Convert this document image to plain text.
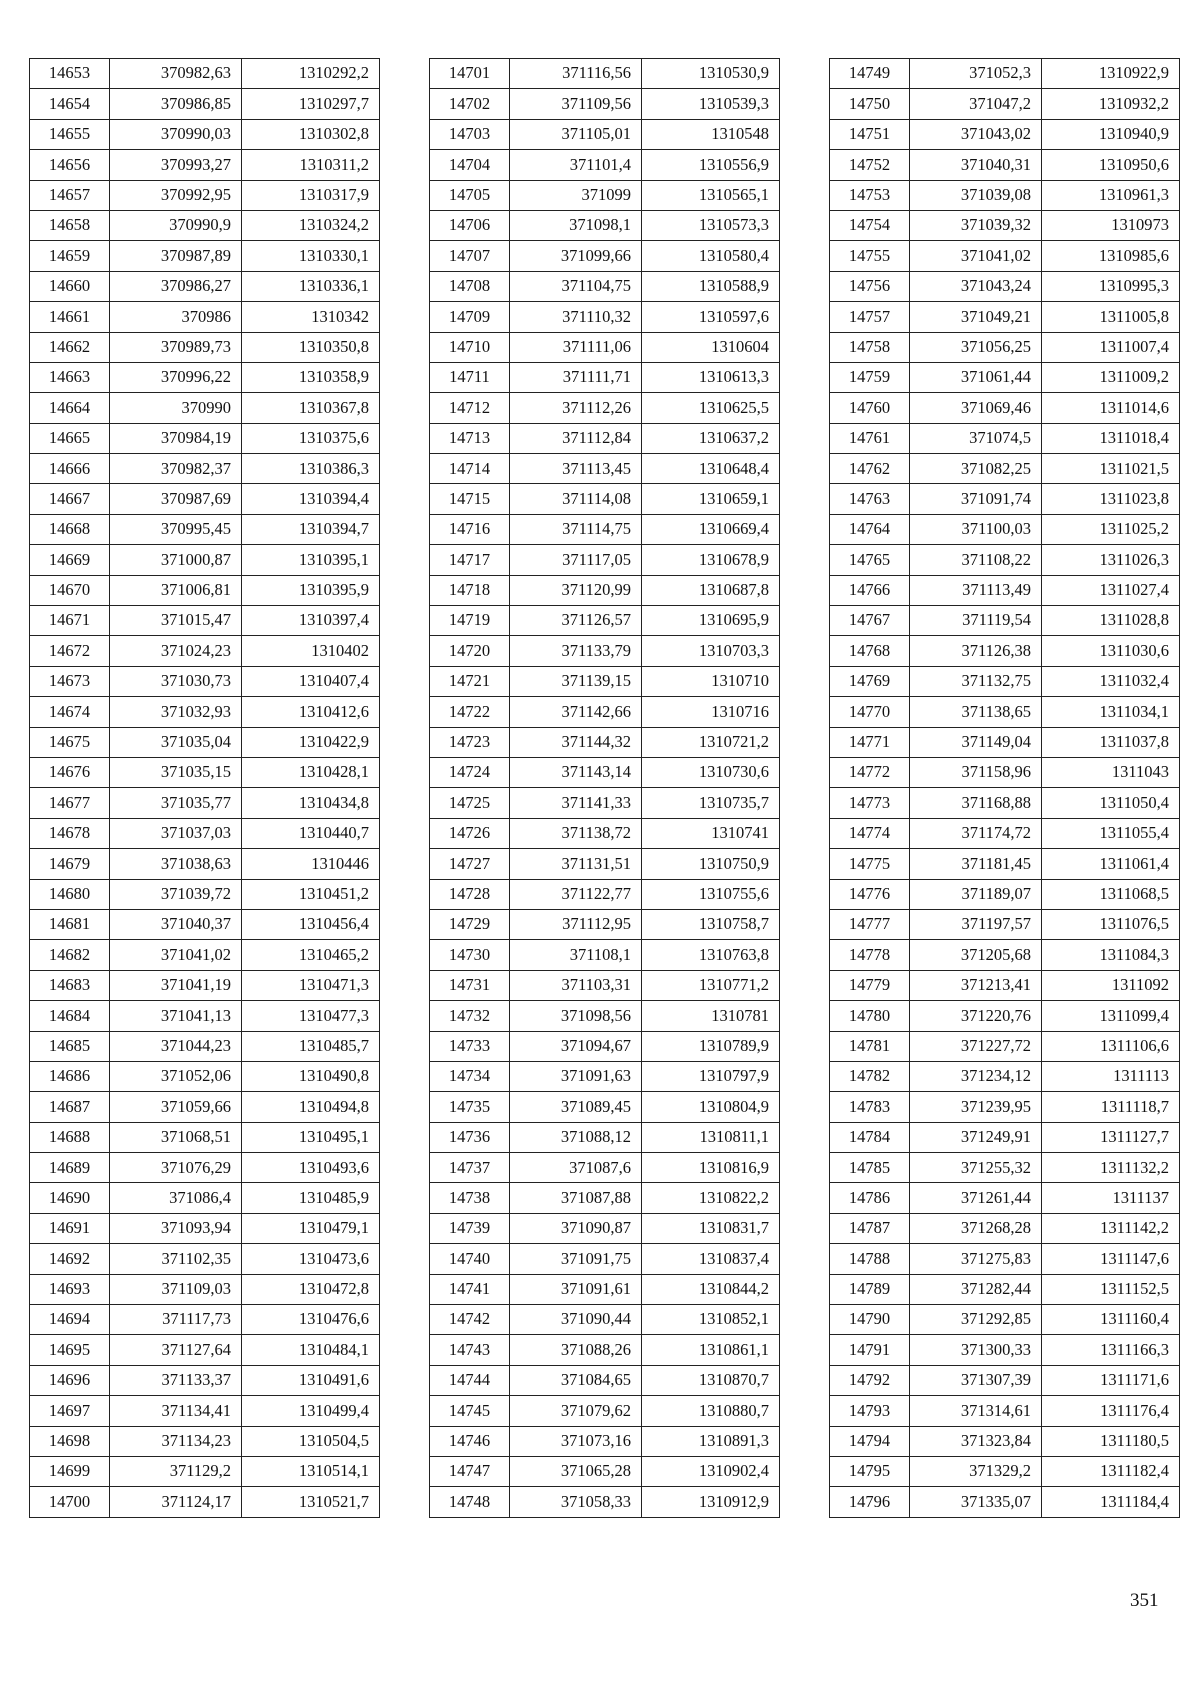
14653	370982,63	1310292,2
14654	370986,85	1310297,7
14655	370990,03	1310302,8
14656	370993,27	1310311,2
14657	370992,95	1310317,9
14658	370990,9	1310324,2
14659	370987,89	1310330,1
14660	370986,27	1310336,1
14661	370986	1310342
14662	370989,73	1310350,8
14663	370996,22	1310358,9
14664	370990	1310367,8
14665	370984,19	1310375,6
14666	370982,37	1310386,3
14667	370987,69	1310394,4
14668	370995,45	1310394,7
14669	371000,87	1310395,1
14670	371006,81	1310395,9
14671	371015,47	1310397,4
14672	371024,23	1310402
14673	371030,73	1310407,4
14674	371032,93	1310412,6
14675	371035,04	1310422,9
14676	371035,15	1310428,1
14677	371035,77	1310434,8
14678	371037,03	1310440,7
14679	371038,63	1310446
14680	371039,72	1310451,2
14681	371040,37	1310456,4
14682	371041,02	1310465,2
14683	371041,19	1310471,3
14684	371041,13	1310477,3
14685	371044,23	1310485,7
14686	371052,06	1310490,8
14687	371059,66	1310494,8
14688	371068,51	1310495,1
14689	371076,29	1310493,6
14690	371086,4	1310485,9
14691	371093,94	1310479,1
14692	371102,35	1310473,6
14693	371109,03	1310472,8
14694	371117,73	1310476,6
14695	371127,64	1310484,1
14696	371133,37	1310491,6
14697	371134,41	1310499,4
14698	371134,23	1310504,5
14699	371129,2	1310514,1
14700	371124,17	1310521,7
14701	371116,56	1310530,9
14702	371109,56	1310539,3
14703	371105,01	1310548
14704	371101,4	1310556,9
14705	371099	1310565,1
14706	371098,1	1310573,3
14707	371099,66	1310580,4
14708	371104,75	1310588,9
14709	371110,32	1310597,6
14710	371111,06	1310604
14711	371111,71	1310613,3
14712	371112,26	1310625,5
14713	371112,84	1310637,2
14714	371113,45	1310648,4
14715	371114,08	1310659,1
14716	371114,75	1310669,4
14717	371117,05	1310678,9
14718	371120,99	1310687,8
14719	371126,57	1310695,9
14720	371133,79	1310703,3
14721	371139,15	1310710
14722	371142,66	1310716
14723	371144,32	1310721,2
14724	371143,14	1310730,6
14725	371141,33	1310735,7
14726	371138,72	1310741
14727	371131,51	1310750,9
14728	371122,77	1310755,6
14729	371112,95	1310758,7
14730	371108,1	1310763,8
14731	371103,31	1310771,2
14732	371098,56	1310781
14733	371094,67	1310789,9
14734	371091,63	1310797,9
14735	371089,45	1310804,9
14736	371088,12	1310811,1
14737	371087,6	1310816,9
14738	371087,88	1310822,2
14739	371090,87	1310831,7
14740	371091,75	1310837,4
14741	371091,61	1310844,2
14742	371090,44	1310852,1
14743	371088,26	1310861,1
14744	371084,65	1310870,7
14745	371079,62	1310880,7
14746	371073,16	1310891,3
14747	371065,28	1310902,4
14748	371058,33	1310912,9
14749	371052,3	1310922,9
14750	371047,2	1310932,2
14751	371043,02	1310940,9
14752	371040,31	1310950,6
14753	371039,08	1310961,3
14754	371039,32	1310973
14755	371041,02	1310985,6
14756	371043,24	1310995,3
14757	371049,21	1311005,8
14758	371056,25	1311007,4
14759	371061,44	1311009,2
14760	371069,46	1311014,6
14761	371074,5	1311018,4
14762	371082,25	1311021,5
14763	371091,74	1311023,8
14764	371100,03	1311025,2
14765	371108,22	1311026,3
14766	371113,49	1311027,4
14767	371119,54	1311028,8
14768	371126,38	1311030,6
14769	371132,75	1311032,4
14770	371138,65	1311034,1
14771	371149,04	1311037,8
14772	371158,96	1311043
14773	371168,88	1311050,4
14774	371174,72	1311055,4
14775	371181,45	1311061,4
14776	371189,07	1311068,5
14777	371197,57	1311076,5
14778	371205,68	1311084,3
14779	371213,41	1311092
14780	371220,76	1311099,4
14781	371227,72	1311106,6
14782	371234,12	1311113
14783	371239,95	1311118,7
14784	371249,91	1311127,7
14785	371255,32	1311132,2
14786	371261,44	1311137
14787	371268,28	1311142,2
14788	371275,83	1311147,6
14789	371282,44	1311152,5
14790	371292,85	1311160,4
14791	371300,33	1311166,3
14792	371307,39	1311171,6
14793	371314,61	1311176,4
14794	371323,84	1311180,5
14795	371329,2	1311182,4
14796	371335,07	1311184,4
351
